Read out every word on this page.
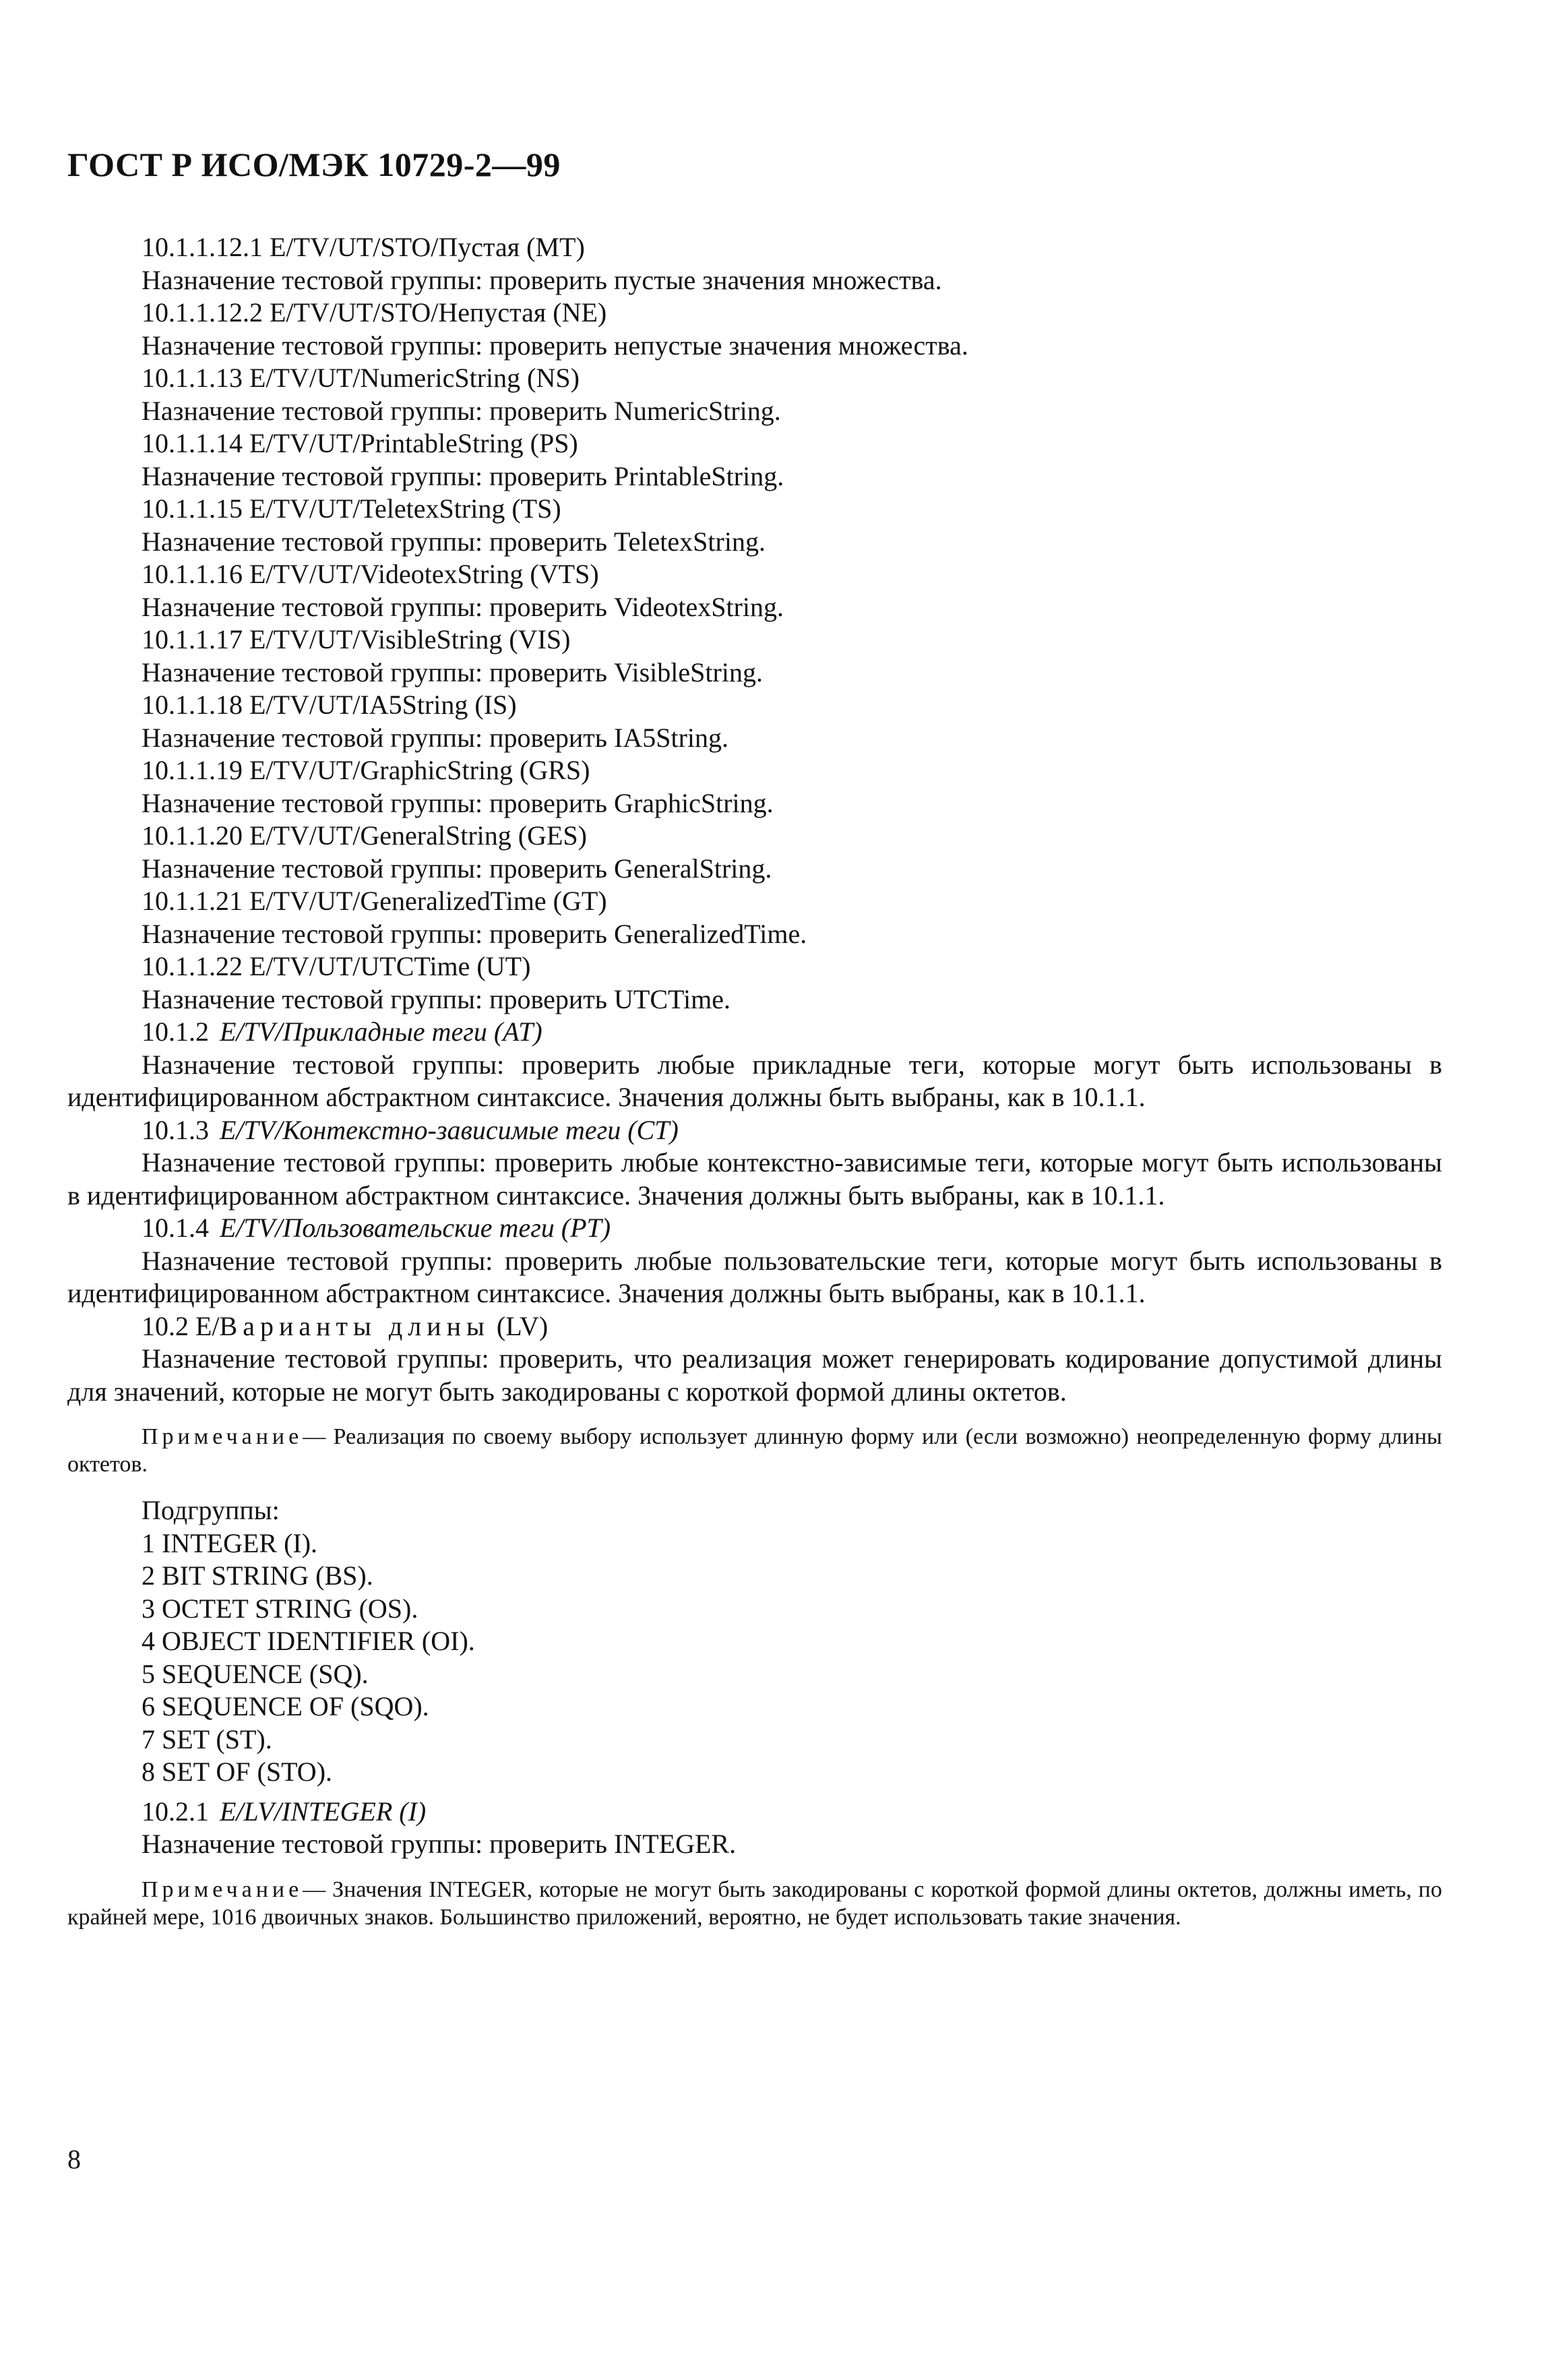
ГОСТ Р ИСО/МЭК 10729-2—99
10.1.1.12.1 E/TV/UT/STO/Пустая (MT)
Назначение тестовой группы: проверить пустые значения множества.
10.1.1.12.2 E/TV/UT/STO/Непустая (NE)
Назначение тестовой группы: проверить непустые значения множества.
10.1.1.13 E/TV/UT/NumericString (NS)
Назначение тестовой группы: проверить NumericString.
10.1.1.14 E/TV/UT/PrintableString (PS)
Назначение тестовой группы: проверить PrintableString.
10.1.1.15 E/TV/UT/TeletexString (TS)
Назначение тестовой группы: проверить TeletexString.
10.1.1.16 E/TV/UT/VideotexString (VTS)
Назначение тестовой группы: проверить VideotexString.
10.1.1.17 E/TV/UT/VisibleString (VIS)
Назначение тестовой группы: проверить VisibleString.
10.1.1.18 E/TV/UT/IA5String (IS)
Назначение тестовой группы: проверить IA5String.
10.1.1.19 E/TV/UT/GraphicString (GRS)
Назначение тестовой группы: проверить GraphicString.
10.1.1.20 E/TV/UT/GeneralString (GES)
Назначение тестовой группы: проверить GeneralString.
10.1.1.21 E/TV/UT/GeneralizedTime (GT)
Назначение тестовой группы: проверить GeneralizedTime.
10.1.1.22 E/TV/UT/UTCTime (UT)
Назначение тестовой группы: проверить UTCTime.
10.1.2 E/TV/Прикладные теги (AT)

Назначение тестовой группы: проверить любые прикладные теги, которые могут быть использованы в идентифицированном абстрактном синтаксисе. Значения должны быть выбраны, как в 10.1.1.

10.1.3 E/TV/Контекстно-зависимые теги (CT)

Назначение тестовой группы: проверить любые контекстно-зависимые теги, которые могут быть использованы в идентифицированном абстрактном синтаксисе. Значения должны быть выбраны, как в 10.1.1.

10.1.4 E/TV/Пользовательские теги (PT)

Назначение тестовой группы: проверить любые пользовательские теги, которые могут быть использованы в идентифицированном абстрактном синтаксисе. Значения должны быть выбраны, как в 10.1.1.

10.2 E/Варианты длины (LV)

Назначение тестовой группы: проверить, что реализация может генерировать кодирование допустимой длины для значений, которые не могут быть закодированы с короткой формой длины октетов.

Примечание— Реализация по своему выбору использует длинную форму или (если возможно) неопределенную форму длины октетов.

Подгруппы:
1 INTEGER (I).
2 BIT STRING (BS).
3 OCTET STRING (OS).
4 OBJECT IDENTIFIER (OI).
5 SEQUENCE (SQ).
6 SEQUENCE OF (SQO).
7 SET (ST).
8 SET OF (STO).
10.2.1 E/LV/INTEGER (I)
Назначение тестовой группы: проверить INTEGER.

Примечание— Значения INTEGER, которые не могут быть закодированы с короткой формой длины октетов, должны иметь, по крайней мере, 1016 двоичных знаков. Большинство приложений, вероятно, не будет использовать такие значения.

8
